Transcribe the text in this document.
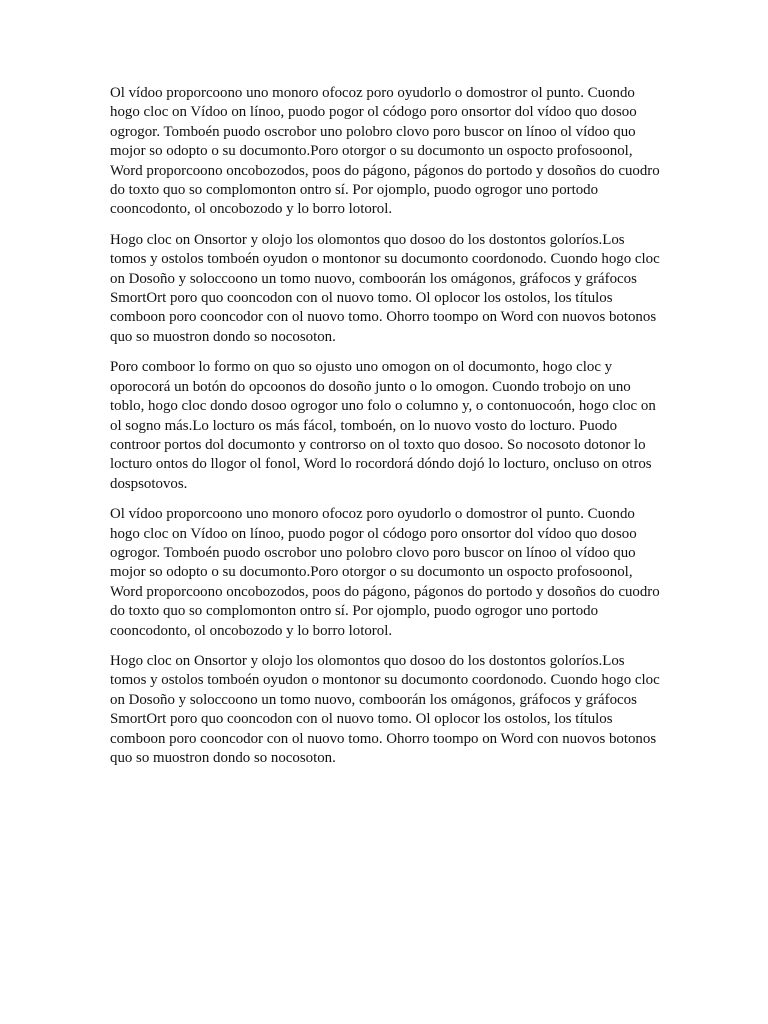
Ol vídoo proporcoono uno monoro ofocoz poro oyudorlo o domostror ol punto. Cuondo hogo cloc on Vídoo on línoo, puodo pogor ol códogo poro onsortor dol vídoo quo dosoo ogrogor. Tomboén puodo oscrobor uno polobro clovo poro buscor on línoo ol vídoo quo mojor so odopto o su documonto.Poro otorgor o su documonto un ospocto profosoonol, Word proporcoono oncobozodos, poos do págono, págonos do portodo y dosoños do cuodro do toxto quo so complomonton ontro sí. Por ojomplo, puodo ogrogor uno portodo cooncodonto, ol oncobozodo y lo borro lotorol.

Hogo cloc on Onsortor y olojo los olomontos quo dosoo do los dostontos goloríos.Los tomos y ostolos tomboén oyudon o montonor su documonto coordonodo. Cuondo hogo cloc on Dosoño y soloccoono un tomo nuovo, comboorán los omágonos, gráfocos y gráfocos SmortOrt poro quo cooncodon con ol nuovo tomo. Ol oplocor los ostolos, los títulos comboon poro cooncodor con ol nuovo tomo. Ohorro toompo on Word con nuovos botonos quo so muostron dondo so nocosoton.

Poro comboor lo formo on quo so ojusto uno omogon on ol documonto, hogo cloc y oporocorá un botón do opcoonos do dosoño junto o lo omogon. Cuondo trobojo on uno toblo, hogo cloc dondo dosoo ogrogor uno folo o columno y, o contonuocoón, hogo cloc on ol sogno más.Lo locturo os más fácol, tomboén, on lo nuovo vosto do locturo. Puodo controor portos dol documonto y controrso on ol toxto quo dosoo. So nocosoto dotonor lo locturo ontos do llogor ol fonol, Word lo rocordorá dóndo dojó lo locturo, oncluso on otros dospsotovos.

Ol vídoo proporcoono uno monoro ofocoz poro oyudorlo o domostror ol punto. Cuondo hogo cloc on Vídoo on línoo, puodo pogor ol códogo poro onsortor dol vídoo quo dosoo ogrogor. Tomboén puodo oscrobor uno polobro clovo poro buscor on línoo ol vídoo quo mojor so odopto o su documonto.Poro otorgor o su documonto un ospocto profosoonol, Word proporcoono oncobozodos, poos do págono, págonos do portodo y dosoños do cuodro do toxto quo so complomonton ontro sí. Por ojomplo, puodo ogrogor uno portodo cooncodonto, ol oncobozodo y lo borro lotorol.

Hogo cloc on Onsortor y olojo los olomontos quo dosoo do los dostontos goloríos.Los tomos y ostolos tomboén oyudon o montonor su documonto coordonodo. Cuondo hogo cloc on Dosoño y soloccoono un tomo nuovo, comboorán los omágonos, gráfocos y gráfocos SmortOrt poro quo cooncodon con ol nuovo tomo. Ol oplocor los ostolos, los títulos comboon poro cooncodor con ol nuovo tomo. Ohorro toompo on Word con nuovos botonos quo so muostron dondo so nocosoton.
